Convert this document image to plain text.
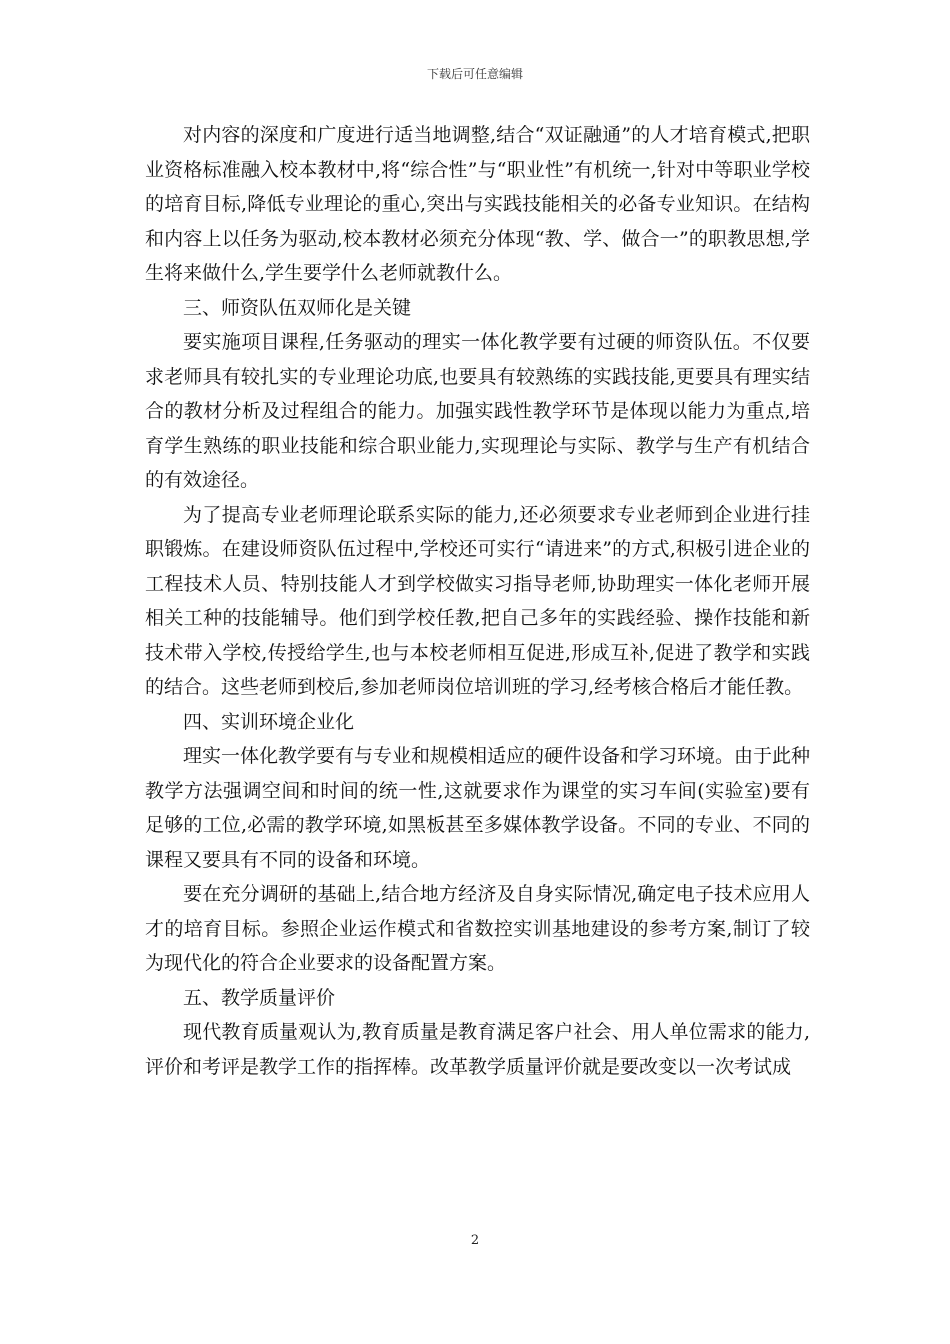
下载后可任意编辑

对内容的深度和广度进行适当地调整,结合“双证融通”的人才培育模式,把职业资格标准融入校本教材中,将“综合性”与“职业性”有机统一,针对中等职业学校的培育目标,降低专业理论的重心,突出与实践技能相关的必备专业知识。在结构和内容上以任务为驱动,校本教材必须充分体现“教、学、做合一”的职教思想,学生将来做什么,学生要学什么老师就教什么。

三、师资队伍双师化是关键

要实施项目课程,任务驱动的理实一体化教学要有过硬的师资队伍。不仅要求老师具有较扎实的专业理论功底,也要具有较熟练的实践技能,更要具有理实结合的教材分析及过程组合的能力。加强实践性教学环节是体现以能力为重点,培育学生熟练的职业技能和综合职业能力,实现理论与实际、教学与生产有机结合的有效途径。

为了提高专业老师理论联系实际的能力,还必须要求专业老师到企业进行挂职锻炼。在建设师资队伍过程中,学校还可实行“请进来”的方式,积极引进企业的工程技术人员、特别技能人才到学校做实习指导老师,协助理实一体化老师开展相关工种的技能辅导。他们到学校任教,把自己多年的实践经验、操作技能和新技术带入学校,传授给学生,也与本校老师相互促进,形成互补,促进了教学和实践的结合。这些老师到校后,参加老师岗位培训班的学习,经考核合格后才能任教。

四、实训环境企业化

理实一体化教学要有与专业和规模相适应的硬件设备和学习环境。由于此种教学方法强调空间和时间的统一性,这就要求作为课堂的实习车间(实验室)要有足够的工位,必需的教学环境,如黑板甚至多媒体教学设备。不同的专业、不同的课程又要具有不同的设备和环境。

要在充分调研的基础上,结合地方经济及自身实际情况,确定电子技术应用人才的培育目标。参照企业运作模式和省数控实训基地建设的参考方案,制订了较为现代化的符合企业要求的设备配置方案。

五、教学质量评价

现代教育质量观认为,教育质量是教育满足客户社会、用人单位需求的能力,评价和考评是教学工作的指挥棒。改革教学质量评价就是要改变以一次考试成

2
